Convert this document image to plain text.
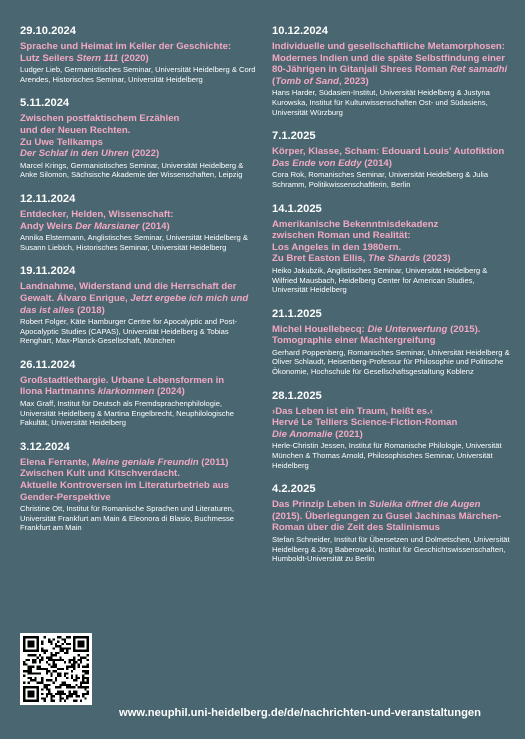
29.10.2024
Sprache und Heimat im Keller der Geschichte:
Lutz Seilers Stern 111 (2020)
Ludger Lieb, Germanistisches Seminar, Universität Heidelberg & Cord Arendes, Historisches Seminar, Universität Heidelberg
5.11.2024
Zwischen postfaktischem Erzählen
und der Neuen Rechten.
Zu Uwe Tellkamps
Der Schlaf in den Uhren (2022)
Marcel Krings, Germanistisches Seminar, Universität Heidelberg & Anke Silomon, Sächsische Akademie der Wissenschaften, Leipzig
12.11.2024
Entdecker, Helden, Wissenschaft:
Andy Weirs Der Marsianer (2014)
Annika Elstermann, Anglistisches Seminar, Universität Heidelberg & Susann Liebich, Historisches Seminar, Universität Heidelberg
19.11.2024
Landnahme, Widerstand und die Herrschaft der Gewalt. Álvaro Enrigue, Jetzt ergebe ich mich und das ist alles (2018)
Robert Folger, Käte Hamburger Centre for Apocalyptic and Post-Apocalyptic Studies (CAPAS), Universität Heidelberg & Tobias Renghart, Max-Planck-Gesellschaft, München
26.11.2024
Großstadtlethargie. Urbane Lebensformen in
Ilona Hartmanns klarkommen (2024)
Max Graff, Institut für Deutsch als Fremdsprachenphilologie, Universität Heidelberg & Martina Engelbrecht, Neuphilologische Fakultät, Universität Heidelberg
3.12.2024
Elena Ferrante, Meine geniale Freundin (2011)
Zwischen Kult und Kitschverdacht.
Aktuelle Kontroversen im Literaturbetrieb aus
Gender-Perspektive
Christine Ott, Institut für Romanische Sprachen und Literaturen, Universität Frankfurt am Main & Eleonora di Blasio, Buchmesse Frankfurt am Main
10.12.2024
Individuelle und gesellschaftliche Metamorphosen: Modernes Indien und die späte Selbstfindung einer 80-Jährigen in Gitanjali Shrees Roman Ret samadhi (Tomb of Sand, 2023)
Hans Harder, Südasien-Institut, Universität Heidelberg & Justyna Kurowska, Institut für Kulturwissenschaften Ost- und Südasiens, Universität Würzburg
7.1.2025
Körper, Klasse, Scham: Edouard Louis' Autofiktion Das Ende von Eddy (2014)
Cora Rok, Romanisches Seminar, Universität Heidelberg & Julia Schramm, Politikwissenschaftlerin, Berlin
14.1.2025
Amerikanische Bekenntnisdekadenz
zwischen Roman und Realität:
Los Angeles in den 1980ern.
Zu Bret Easton Ellis, The Shards (2023)
Heiko Jakubzik, Anglistisches Seminar, Universität Heidelberg & Wilfried Mausbach, Heidelberg Center for American Studies, Universität Heidelberg
21.1.2025
Michel Houellebecq: Die Unterwerfung (2015).
Tomographie einer Machtergreifung
Gerhard Poppenberg, Romanisches Seminar, Universität Heidelberg & Oliver Schlaudt, Heisenberg-Professur für Philosophie und Politische Ökonomie, Hochschule für Gesellschaftsgestaltung Koblenz
28.1.2025
›Das Leben ist ein Traum, heißt es.‹
Hervé Le Telliers Science-Fiction-Roman
Die Anomalie (2021)
Herle-Christin Jessen, Institut für Romanische Philologie, Universität München & Thomas Arnold, Philosophisches Seminar, Universität Heidelberg
4.2.2025
Das Prinzip Leben in Suleika öffnet die Augen (2015). Überlegungen zu Gusel Jachinas Märchen-Roman über die Zeit des Stalinismus
Stefan Schneider, Institut für Übersetzen und Dolmetschen, Universität Heidelberg & Jörg Baberowski, Institut für Geschichtswissenschaften, Humboldt-Universität zu Berlin
www.neuphil.uni-heidelberg.de/de/nachrichten-und-veranstaltungen
